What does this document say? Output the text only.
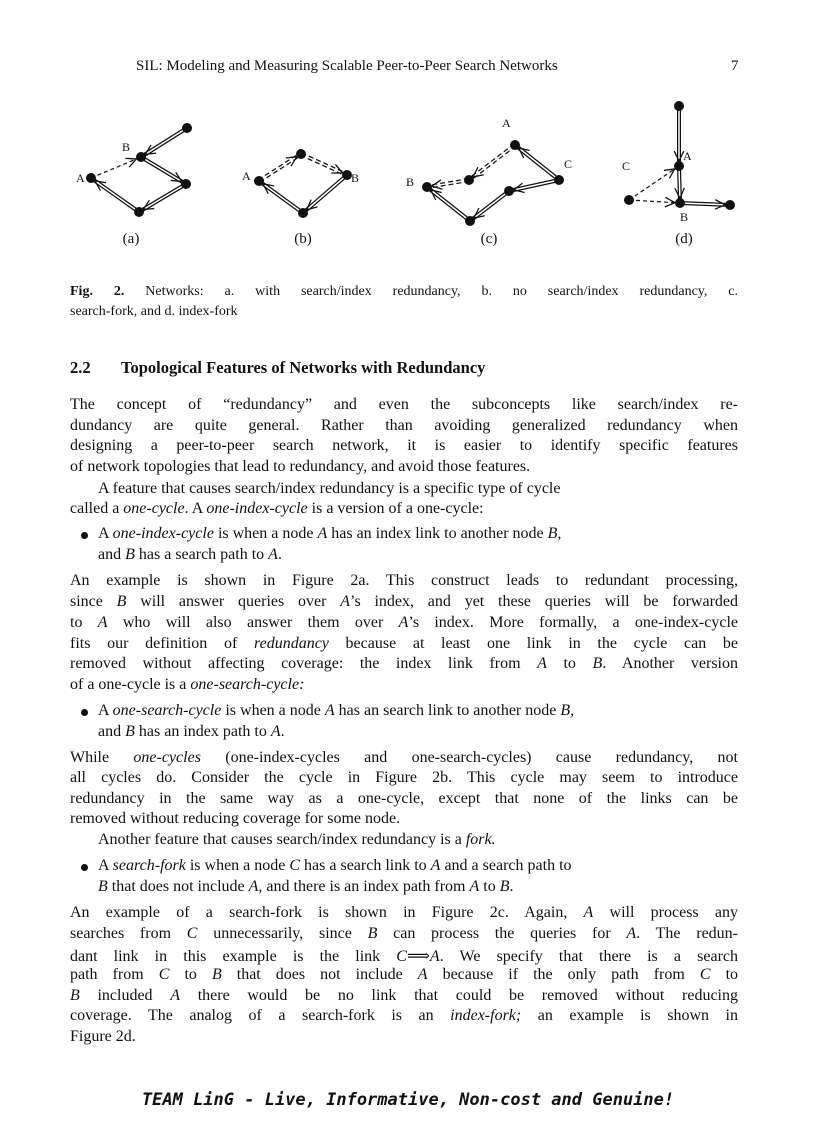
SIL: Modeling and Measuring Scalable Peer-to-Peer Search Networks	7
B
A	A	B
A
B
C
A
B
C
(a)	(b)	(c)	(d)
Fig. 2. Networks: a. with search/index redundancy, b. no search/index redundancy, c.
search-fork, and d. index-fork
2.2 Topological Features of Networks with Redundancy
The concept of “redundancy” and even the subconcepts like search/index re-
dundancy are quite general. Rather than avoiding generalized redundancy when
designing a peer-to-peer search network, it is easier to identify specific features
of network topologies that lead to redundancy, and avoid those features.
A feature that causes search/index redundancy is a specific type of cycle
called a one-cycle. A one-index-cycle is a version of a one-cycle:
A one-index-cycle is when a node A has an index link to another node B,
and B has a search path to A.
An example is shown in Figure 2a. This construct leads to redundant processing,
since B will answer queries over A’s index, and yet these queries will be forwarded
to A who will also answer them over A’s index. More formally, a one-index-cycle
fits our definition of redundancy because at least one link in the cycle can be
removed without affecting coverage: the index link from A to B. Another version
of a one-cycle is a one-search-cycle:
A one-search-cycle is when a node A has an search link to another node B,
and B has an index path to A.
While one-cycles (one-index-cycles and one-search-cycles) cause redundancy, not
all cycles do. Consider the cycle in Figure 2b. This cycle may seem to introduce
redundancy in the same way as a one-cycle, except that none of the links can be
removed without reducing coverage for some node.
Another feature that causes search/index redundancy is a fork.
A search-fork is when a node C has a search link to A and a search path to
B that does not include A, and there is an index path from A to B.
An example of a search-fork is shown in Figure 2c. Again, A will process any
searches from C unnecessarily, since B can process the queries for A. The redun-
dant link in this example is the link C⟹A. We specify that there is a search
path from C to B that does not include A because if the only path from C to
B included A there would be no link that could be removed without reducing
coverage. The analog of a search-fork is an index-fork; an example is shown in
Figure 2d.
TEAM LinG - Live, Informative, Non-cost and Genuine!
